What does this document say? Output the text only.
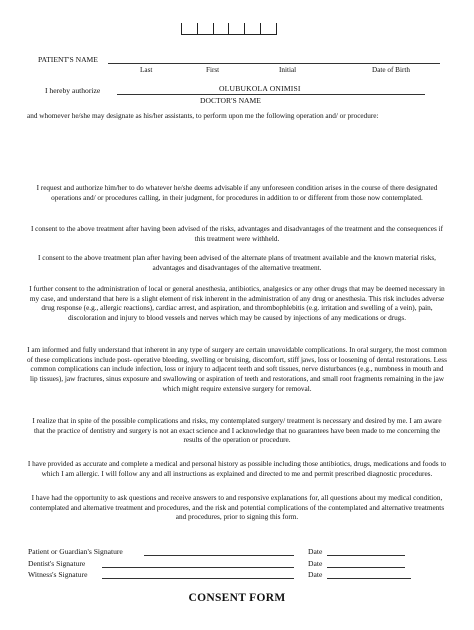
PATIENT'S NAME
Last	First	Initial	Date of Birth
I hereby authorize	OLUBUKOLA ONIMISI
DOCTOR'S NAME
and whomever he/she may designate as his/her assistants, to perform upon me the following operation and/ or procedure:
I request and authorize him/her to do whatever he/she deems advisable if any unforeseen condition arises in the course of there designated operations and/ or procedures calling, in their judgment, for procedures in addition to or different from those now contemplated.
I consent to the above treatment after having been advised of the risks, advantages and disadvantages of the treatment and the consequences if this treatment were withheld.
I consent to the above treatment plan after having been advised of the alternate plans of treatment available and the known material risks, advantages and disadvantages of the alternative treatment.
I further consent to the administration of local or general anesthesia, antibiotics, analgesics or any other drugs that may be deemed necessary in my case, and understand that here is a slight element of risk inherent in the administration of any drug or anesthesia. This risk includes adverse drug response (e.g., allergic reactions), cardiac arrest, and aspiration, and thrombophlebitis (e.g. irritation and swelling of a vein), pain, discoloration and injury to blood vessels and nerves which may be caused by injections of any medications or drugs.
I am informed and fully understand that inherent in any type of surgery are certain unavoidable complications. In oral surgery, the most common of these complications include post- operative bleeding, swelling or bruising, discomfort, stiff jaws, loss or loosening of dental restorations. Less common complications can include infection, loss or injury to adjacent teeth and soft tissues, nerve disturbances (e.g., numbness in mouth and lip tissues), jaw fractures, sinus exposure and swallowing or aspiration of teeth and restorations, and small root fragments remaining in the jaw which might require extensive surgery for removal.
I realize that in spite of the possible complications and risks, my contemplated surgery/ treatment is necessary and desired by me. I am aware that the practice of dentistry and surgery is not an exact science and I acknowledge that no guarantees have been made to me concerning the results of the operation or procedure.
I have provided as accurate and complete a medical and personal history as possible including those antibiotics, drugs, medications and foods to which I am allergic. I will follow any and all instructions as explained and directed to me and permit prescribed diagnostic procedures.
I have had the opportunity to ask questions and receive answers to and responsive explanations for, all questions about my medical condition, contemplated and alternative treatment and procedures, and the risk and potential complications of the contemplated and alternative treatments and procedures, prior to signing this form.
Patient or Guardian's Signature	Date
Dentist's Signature	Date
Witness's Signature	Date
CONSENT FORM
